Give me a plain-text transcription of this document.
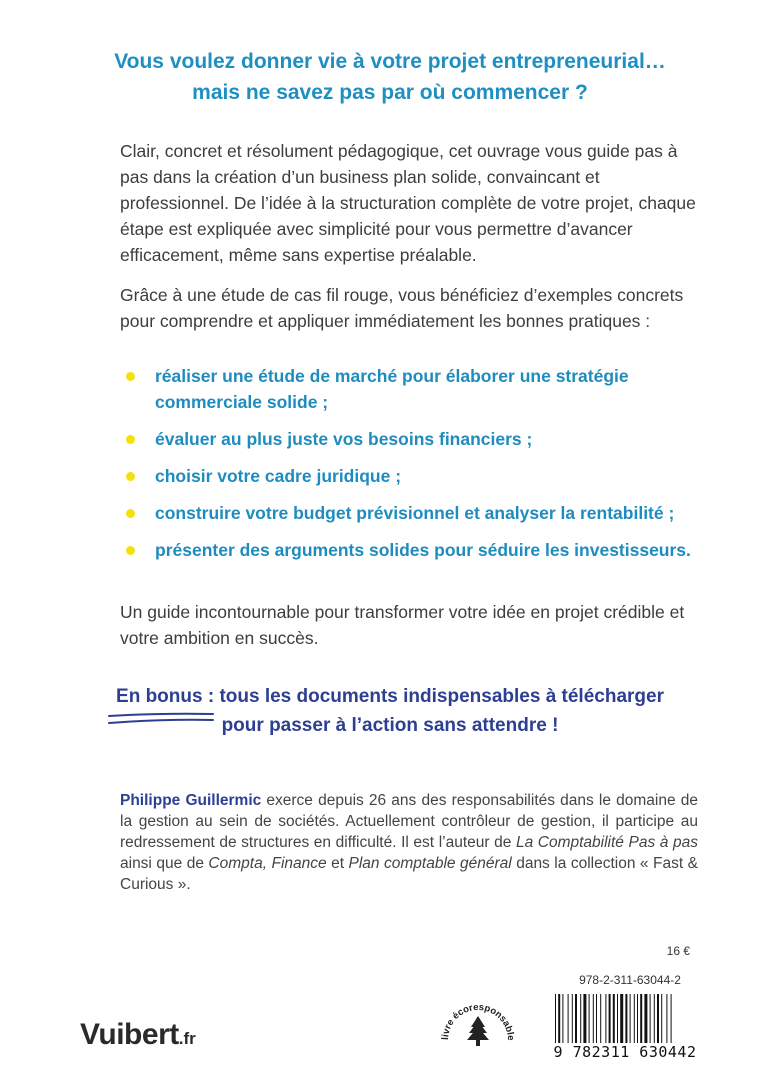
Vous voulez donner vie à votre projet entrepreneurial…
mais ne savez pas par où commencer ?

Clair, concret et résolument pédagogique, cet ouvrage vous guide pas à pas dans la création d’un business plan solide, convaincant et professionnel. De l’idée à la structuration complète de votre projet, chaque étape est expliquée avec simplicité pour vous permettre d’avancer efficacement, même sans expertise préalable.

Grâce à une étude de cas fil rouge, vous bénéficiez d’exemples concrets pour comprendre et appliquer immédiatement les bonnes pratiques :

réaliser une étude de marché pour élaborer une stratégie commerciale solide ;
évaluer au plus juste vos besoins financiers ;
choisir votre cadre juridique ;
construire votre budget prévisionnel et analyser la rentabilité ;
présenter des arguments solides pour séduire les investisseurs.

Un guide incontournable pour transformer votre idée en projet crédible et votre ambition en succès.

En bonus : tous les documents indispensables à télécharger
pour passer à l’action sans attendre !

Philippe Guillermic exerce depuis 26 ans des responsabilités dans le domaine de la gestion au sein de sociétés. Actuellement contrôleur de gestion, il participe au redressement de structures en difficulté. Il est l’auteur de La Comptabilité Pas à pas ainsi que de Compta, Finance et Plan comptable général dans la collection « Fast & Curious ».

16 €
978-2-311-63044-2
9 782311 630442
livre écoresponsable
Vuibert.fr
